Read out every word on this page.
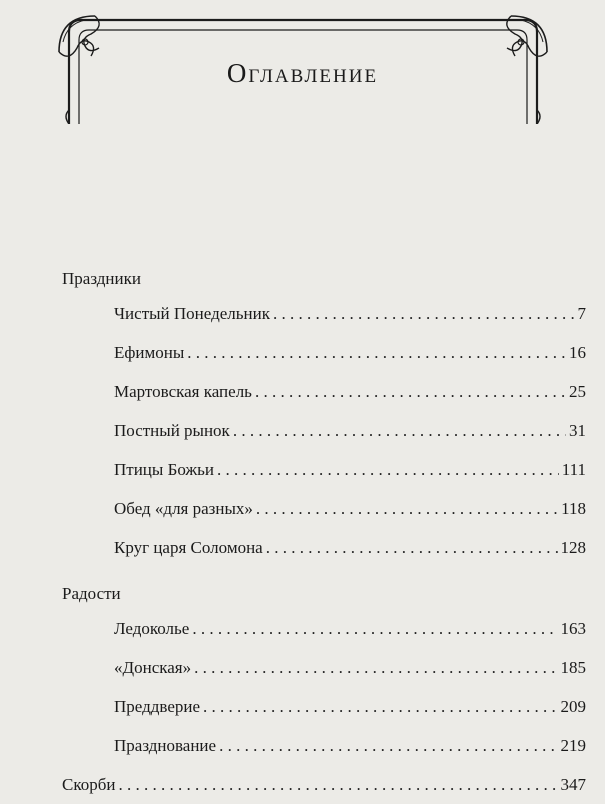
Оглавление
Праздники
Чистый Понедельник . . .	7
Ефимоны . . .	16
Мартовская капель . . .	25
Постный рынок . . .	31
Птицы Божьи . . .	111
Обед «для разных» . . .	118
Круг царя Соломона . . .	128
Радости
Ледоколье . . .	163
«Донская» . . .	185
Преддверие . . .	209
Празднование . . .	219
Скорби . . .	347
